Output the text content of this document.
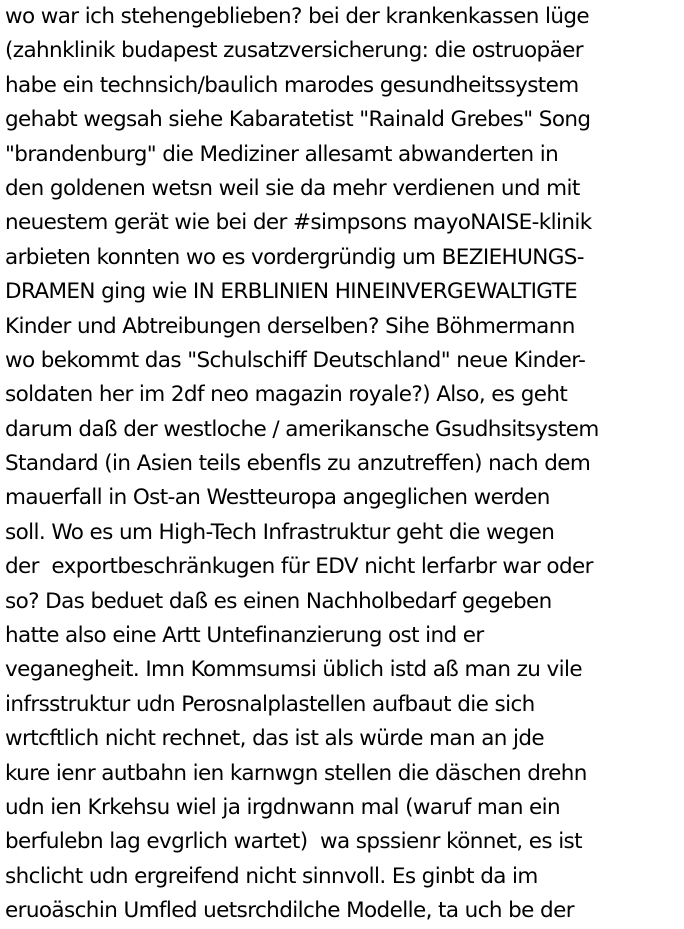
wo war ich stehengeblieben? bei der krankenkassen lüge
(zahnklinik budapest zusatzversicherung: die ostruopäer
habe ein technsich/baulich marodes gesundheitssystem
gehabt wegsah siehe Kabaratetist "Rainald Grebes" Song
"brandenburg" die Mediziner allesamt abwanderten in
den goldenen wetsn weil sie da mehr verdienen und mit
neuestem gerät wie bei der #simpsons mayoNAISE-klinik
arbieten konnten wo es vordergründig um BEZIEHUNGS-
DRAMEN ging wie IN ERBLINIEN HINEINVERGEWALTIGTE
Kinder und Abtreibungen derselben? Sihe Böhmermann
wo bekommt das "Schulschiff Deutschland" neue Kinder-
soldaten her im 2df neo magazin royale?) Also, es geht
darum daß der westloche / amerikansche Gsudhsitsystem
Standard (in Asien teils ebenfls zu anzutreffen) nach dem
mauerfall in Ost-an Westteuropa angeglichen werden
soll. Wo es um High-Tech Infrastruktur geht die wegen
der  exportbeschränkugen für EDV nicht lerfarbr war oder
so? Das beduet daß es einen Nachholbedarf gegeben
hatte also eine Artt Untefinanzierung ost ind er
veganegheit. Imn Kommsumsi üblich istd aß man zu vile
infrsstruktur udn Perosnalplastellen aufbaut die sich
wrtcftlich nicht rechnet, das ist als würde man an jde
kure ienr autbahn ien karnwgn stellen die däschen drehn
udn ien Krkehsu wiel ja irgdnwann mal (waruf man ein
berfulebn lag evgrlich wartet)  wa spssienr könnet, es ist
shclicht udn ergreifend nicht sinnvoll. Es ginbt da im
eruoäschin Umfled uetsrchdilche Modelle, ta uch be der
